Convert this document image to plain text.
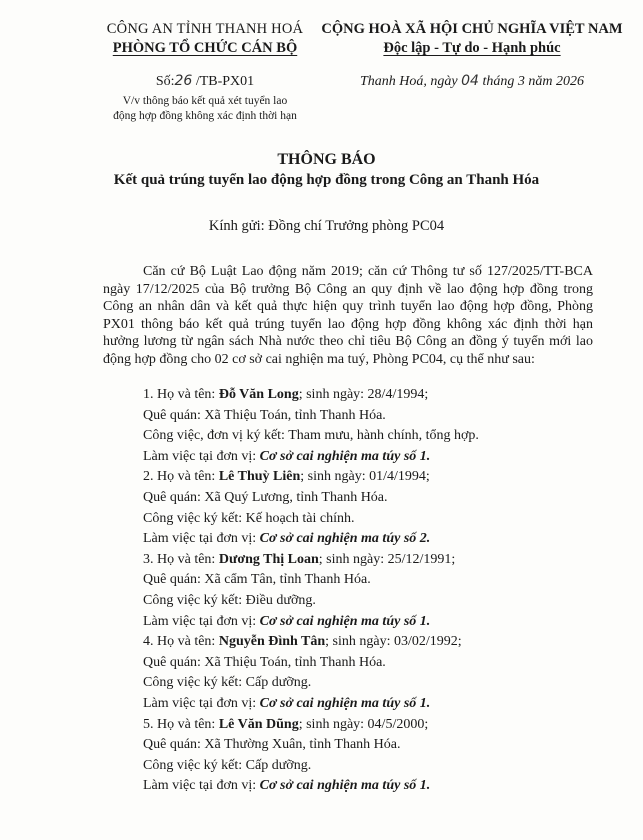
CÔNG AN TỈNH THANH HOÁ
PHÒNG TỔ CHỨC CÁN BỘ
CỘNG HOÀ XÃ HỘI CHỦ NGHĨA VIỆT NAM
Độc lập - Tự do - Hạnh phúc
Số:26 /TB-PX01
V/v thông báo kết quả xét tuyển lao
động hợp đồng không xác định thời hạn
Thanh Hoá, ngày 04 tháng 3 năm 2026
THÔNG BÁO
Kết quả trúng tuyển lao động hợp đồng trong Công an Thanh Hóa
Kính gửi: Đồng chí Trưởng phòng PC04
Căn cứ Bộ Luật Lao động năm 2019; căn cứ Thông tư số 127/2025/TT-BCA ngày 17/12/2025 của Bộ trưởng Bộ Công an quy định về lao động hợp đồng trong Công an nhân dân và kết quả thực hiện quy trình tuyển lao động hợp đồng, Phòng PX01 thông báo kết quả trúng tuyển lao động hợp đồng không xác định thời hạn hưởng lương từ ngân sách Nhà nước theo chỉ tiêu Bộ Công an đồng ý tuyển mới lao động hợp đồng cho 02 cơ sở cai nghiện ma tuý, Phòng PC04, cụ thể như sau:
1. Họ và tên: Đỗ Văn Long; sinh ngày: 28/4/1994;
Quê quán: Xã Thiệu Toán, tỉnh Thanh Hóa.
Công việc, đơn vị ký kết: Tham mưu, hành chính, tổng hợp.
Làm việc tại đơn vị: Cơ sở cai nghiện ma túy số 1.
2. Họ và tên: Lê Thuỳ Liên; sinh ngày: 01/4/1994;
Quê quán: Xã Quý Lương, tỉnh Thanh Hóa.
Công việc ký kết: Kế hoạch tài chính.
Làm việc tại đơn vị: Cơ sở cai nghiện ma túy số 2.
3. Họ và tên: Dương Thị Loan; sinh ngày: 25/12/1991;
Quê quán: Xã cẩm Tân, tỉnh Thanh Hóa.
Công việc ký kết: Điều dưỡng.
Làm việc tại đơn vị: Cơ sở cai nghiện ma túy số 1.
4. Họ và tên: Nguyễn Đình Tân; sinh ngày: 03/02/1992;
Quê quán: Xã Thiệu Toán, tỉnh Thanh Hóa.
Công việc ký kết: Cấp dưỡng.
Làm việc tại đơn vị: Cơ sở cai nghiện ma túy số 1.
5. Họ và tên: Lê Văn Dũng; sinh ngày: 04/5/2000;
Quê quán: Xã Thường Xuân, tỉnh Thanh Hóa.
Công việc ký kết: Cấp dưỡng.
Làm việc tại đơn vị: Cơ sở cai nghiện ma túy số 1.
